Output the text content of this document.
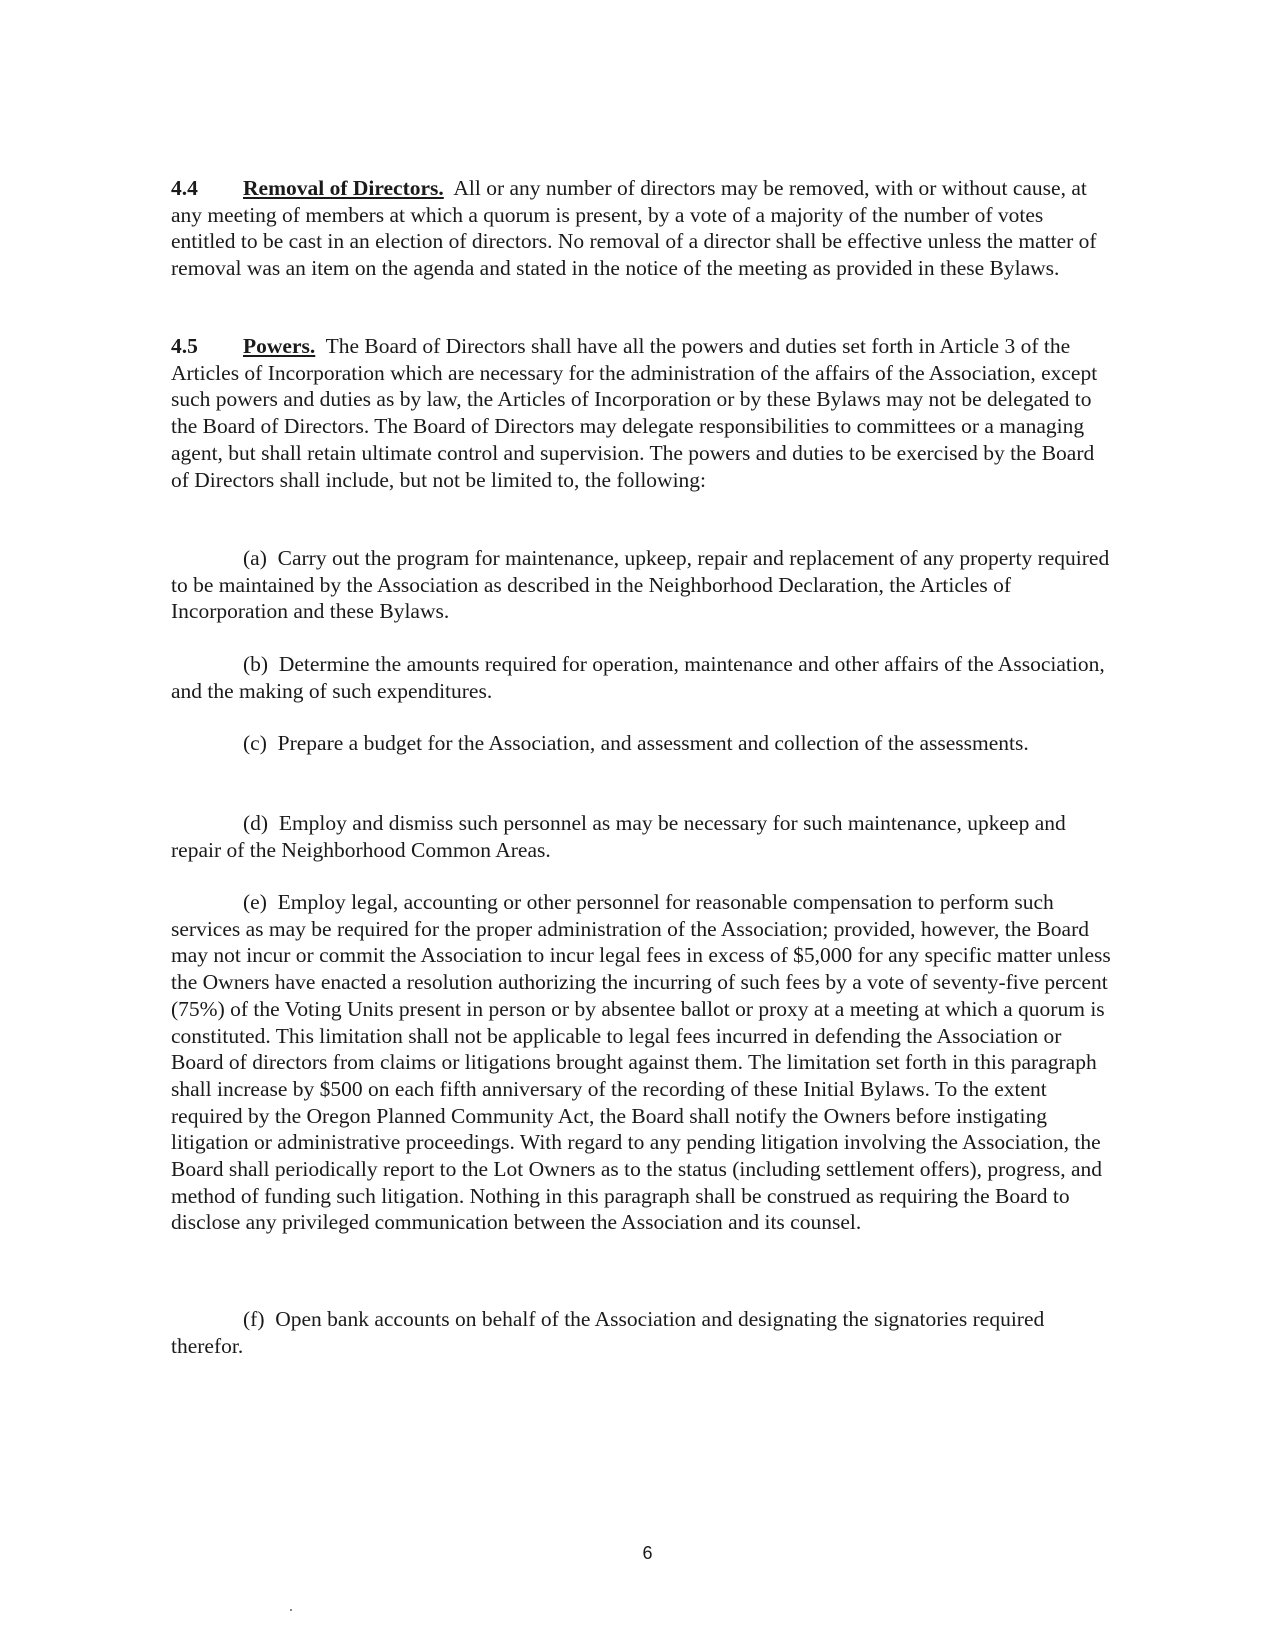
4.4 Removal of Directors. All or any number of directors may be removed, with or without cause, at any meeting of members at which a quorum is present, by a vote of a majority of the number of votes entitled to be cast in an election of directors. No removal of a director shall be effective unless the matter of removal was an item on the agenda and stated in the notice of the meeting as provided in these Bylaws.

4.5 Powers. The Board of Directors shall have all the powers and duties set forth in Article 3 of the Articles of Incorporation which are necessary for the administration of the affairs of the Association, except such powers and duties as by law, the Articles of Incorporation or by these Bylaws may not be delegated to the Board of Directors. The Board of Directors may delegate responsibilities to committees or a managing agent, but shall retain ultimate control and supervision. The powers and duties to be exercised by the Board of Directors shall include, but not be limited to, the following:

(a) Carry out the program for maintenance, upkeep, repair and replacement of any property required to be maintained by the Association as described in the Neighborhood Declaration, the Articles of Incorporation and these Bylaws.

(b) Determine the amounts required for operation, maintenance and other affairs of the Association, and the making of such expenditures.

(c) Prepare a budget for the Association, and assessment and collection of the assessments.

(d) Employ and dismiss such personnel as may be necessary for such maintenance, upkeep and repair of the Neighborhood Common Areas.

(e) Employ legal, accounting or other personnel for reasonable compensation to perform such services as may be required for the proper administration of the Association; provided, however, the Board may not incur or commit the Association to incur legal fees in excess of $5,000 for any specific matter unless the Owners have enacted a resolution authorizing the incurring of such fees by a vote of seventy-five percent (75%) of the Voting Units present in person or by absentee ballot or proxy at a meeting at which a quorum is constituted. This limitation shall not be applicable to legal fees incurred in defending the Association or Board of directors from claims or litigations brought against them. The limitation set forth in this paragraph shall increase by $500 on each fifth anniversary of the recording of these Initial Bylaws. To the extent required by the Oregon Planned Community Act, the Board shall notify the Owners before instigating litigation or administrative proceedings. With regard to any pending litigation involving the Association, the Board shall periodically report to the Lot Owners as to the status (including settlement offers), progress, and method of funding such litigation. Nothing in this paragraph shall be construed as requiring the Board to disclose any privileged communication between the Association and its counsel.

(f) Open bank accounts on behalf of the Association and designating the signatories required therefor.

6
